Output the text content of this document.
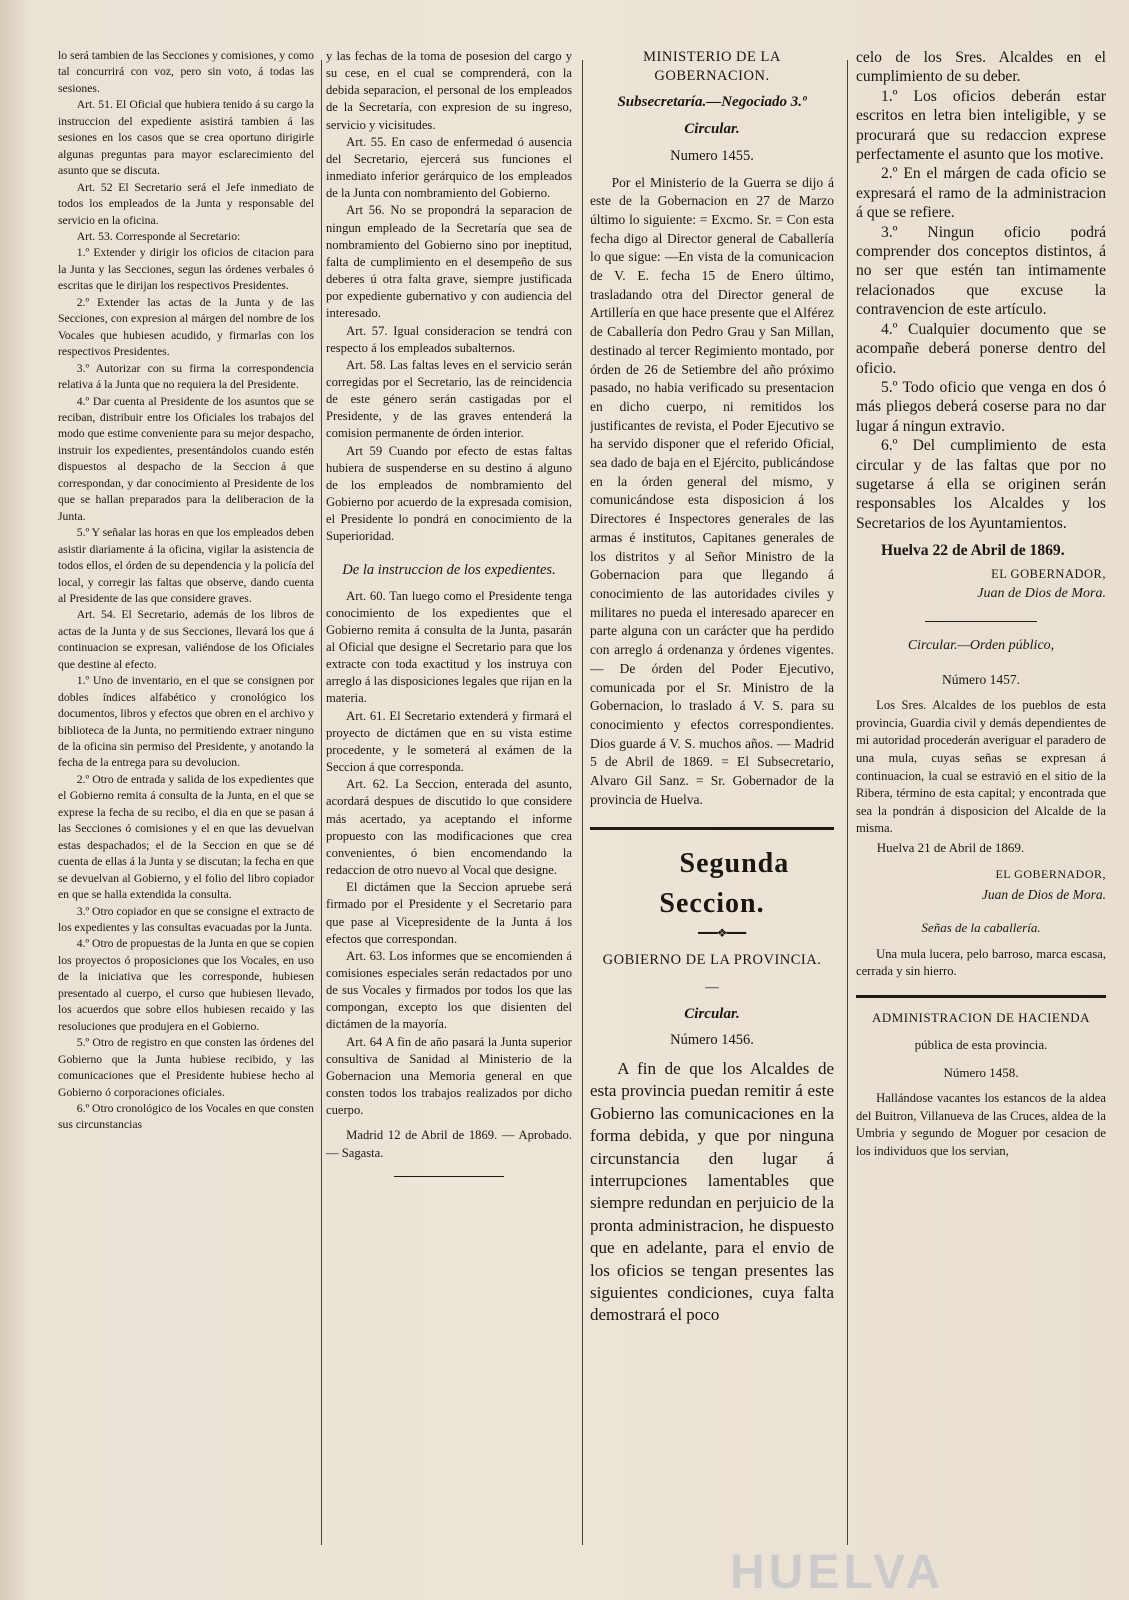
lo será tambien de las Secciones y comisiones, y como tal concurrirá con voz, pero sin voto, á todas las sesiones.

Art. 51. El Oficial que hubiera tenido á su cargo la instruccion del expediente asistirá tambien á las sesiones en los casos que se crea oportuno dirigirle algunas preguntas para mayor esclarecimiento del asunto que se discuta.

Art. 52 El Secretario será el Jefe inmediato de todos los empleados de la Junta y responsable del servicio en la oficina.

Art. 53. Corresponde al Secretario:

1.º Extender y dirigir los oficios de citacion para la Junta y las Secciones, segun las órdenes verbales ó escritas que le dirijan los respectivos Presidentes.

2.º Extender las actas de la Junta y de las Secciones, con expresion al márgen del nombre de los Vocales que hubiesen acudido, y firmarlas con los respectivos Presidentes.

3.º Autorizar con su firma la correspondencia relativa á la Junta que no requiera la del Presidente.

4.º Dar cuenta al Presidente de los asuntos que se reciban, distribuir entre los Oficiales los trabajos del modo que estime conveniente para su mejor despacho, instruir los expedientes, presentándolos cuando estén dispuestos al despacho de la Seccion á que correspondan, y dar conocimiento al Presidente de los que se hallan preparados para la deliberacion de la Junta.

5.º Y señalar las horas en que los empleados deben asistir diariamente á la oficina, vigilar la asistencia de todos ellos, el órden de su dependencia y la policía del local, y corregir las faltas que observe, dando cuenta al Presidente de las que considere graves.

Art. 54. El Secretario, además de los libros de actas de la Junta y de sus Secciones, llevará los que á continuacion se expresan, valiéndose de los Oficiales que destine al efecto.

1.º Uno de inventario, en el que se consignen por dobles índices alfabético y cronológico los documentos, libros y efectos que obren en el archivo y biblioteca de la Junta, no permitiendo extraer ninguno de la oficina sin permiso del Presidente, y anotando la fecha de la entrega para su devolucion.

2.º Otro de entrada y salida de los expedientes que el Gobierno remita á consulta de la Junta, en el que se exprese la fecha de su recibo, el dia en que se pasan á las Secciones ó comisiones y el en que las devuelvan estas despachados; el de la Seccion en que se dé cuenta de ellas á la Junta y se discutan; la fecha en que se devuelvan al Gobierno, y el folio del libro copiador en que se halla extendida la consulta.

3.º Otro copiador en que se consigne el extracto de los expedientes y las consultas evacuadas por la Junta.

4.º Otro de propuestas de la Junta en que se copien los proyectos ó proposiciones que los Vocales, en uso de la iniciativa que les corresponde, hubiesen presentado al cuerpo, el curso que hubiesen llevado, los acuerdos que sobre ellos hubiesen recaido y las resoluciones que produjera en el Gobierno.

5.º Otro de registro en que consten las órdenes del Gobierno que la Junta hubiese recibido, y las comunicaciones que el Presidente hubiese hecho al Gobierno ó corporaciones oficiales.

6.º Otro cronológico de los Vocales en que consten sus circunstancias

y las fechas de la toma de posesion del cargo y su cese, en el cual se comprenderá, con la debida separacion, el personal de los empleados de la Secretaría, con expresion de su ingreso, servicio y vicisitudes.

Art. 55. En caso de enfermedad ó ausencia del Secretario, ejercerá sus funciones el inmediato inferior gerárquico de los empleados de la Junta con nombramiento del Gobierno.

Art 56. No se propondrá la separacion de ningun empleado de la Secretaría que sea de nombramiento del Gobierno sino por ineptitud, falta de cumplimiento en el desempeño de sus deberes ú otra falta grave, siempre justificada por expediente gubernativo y con audiencia del interesado.

Art. 57. Igual consideracion se tendrá con respecto á los empleados subalternos.

Art. 58. Las faltas leves en el servicio serán corregidas por el Secretario, las de reincidencia de este género serán castigadas por el Presidente, y de las graves entenderá la comision permanente de órden interior.

Art 59 Cuando por efecto de estas faltas hubiera de suspenderse en su destino á alguno de los empleados de nombramiento del Gobierno por acuerdo de la expresada comision, el Presidente lo pondrá en conocimiento de la Superioridad.

De la instruccion de los expedientes.

Art. 60. Tan luego como el Presidente tenga conocimiento de los expedientes que el Gobierno remita á consulta de la Junta, pasarán al Oficial que designe el Secretario para que los extracte con toda exactitud y los instruya con arreglo á las disposiciones legales que rijan en la materia.

Art. 61. El Secretario extenderá y firmará el proyecto de dictámen que en su vista estime procedente, y le someterá al exámen de la Seccion á que corresponda.

Art. 62. La Seccion, enterada del asunto, acordará despues de discutido lo que considere más acertado, ya aceptando el informe propuesto con las modificaciones que crea convenientes, ó bien encomendando la redaccion de otro nuevo al Vocal que designe.

El dictámen que la Seccion apruebe será firmado por el Presidente y el Secretario para que pase al Vicepresidente de la Junta á los efectos que correspondan.

Art. 63. Los informes que se encomienden á comisiones especiales serán redactados por uno de sus Vocales y firmados por todos los que las compongan, excepto los que disienten del dictámen de la mayoría.

Art. 64 A fin de año pasará la Junta superior consultiva de Sanidad al Ministerio de la Gobernacion una Memoria general en que consten todos los trabajos realizados por dicho cuerpo.

Madrid 12 de Abril de 1869. — Aprobado. — Sagasta.

MINISTERIO DE LA GOBERNACION.

Subsecretaría.—Negociado 3.º

Circular.

Numero 1455.

Por el Ministerio de la Guerra se dijo á este de la Gobernacion en 27 de Marzo último lo siguiente: = Excmo. Sr. = Con esta fecha digo al Director general de Caballería lo que sigue: —En vista de la comunicacion de V. E. fecha 15 de Enero último, trasladando otra del Director general de Artillería en que hace presente que el Alférez de Caballería don Pedro Grau y San Millan, destinado al tercer Regimiento montado, por órden de 26 de Setiembre del año próximo pasado, no habia verificado su presentacion en dicho cuerpo, ni remitidos los justificantes de revista, el Poder Ejecutivo se ha servido disponer que el referido Oficial, sea dado de baja en el Ejército, publicándose en la órden general del mismo, y comunicándose esta disposicion á los Directores é Inspectores generales de las armas é institutos, Capitanes generales de los distritos y al Señor Ministro de la Gobernacion para que llegando á conocimiento de las autoridades civiles y militares no pueda el interesado aparecer en parte alguna con un carácter que ha perdido con arreglo á ordenanza y órdenes vigentes. — De órden del Poder Ejecutivo, comunicada por el Sr. Ministro de la Gobernacion, lo traslado á V. S. para su conocimiento y efectos correspondientes. Dios guarde á V. S. muchos años. — Madrid 5 de Abril de 1869. = El Subsecretario, Alvaro Gil Sanz. = Sr. Gobernador de la provincia de Huelva.

Segunda Seccion.

━━━❖━━━

GOBIERNO DE LA PROVINCIA.

—

Circular.

Número 1456.

A fin de que los Alcaldes de esta provincia puedan remitir á este Gobierno las comunicaciones en la forma debida, y que por ninguna circunstancia den lugar á interrupciones lamentables que siempre redundan en perjuicio de la pronta administracion, he dispuesto que en adelante, para el envio de los oficios se tengan presentes las siguientes condiciones, cuya falta demostrará el poco

celo de los Sres. Alcaldes en el cumplimiento de su deber.

1.º Los oficios deberán estar escritos en letra bien inteligible, y se procurará que su redaccion exprese perfectamente el asunto que los motive.

2.º En el márgen de cada oficio se expresará el ramo de la administracion á que se refiere.

3.º Ningun oficio podrá comprender dos conceptos distintos, á no ser que estén tan intimamente relacionados que excuse la contravencion de este artículo.

4.º Cualquier documento que se acompañe deberá ponerse dentro del oficio.

5.º Todo oficio que venga en dos ó más pliegos deberá coserse para no dar lugar á ningun extravio.

6.º Del cumplimiento de esta circular y de las faltas que por no sugetarse á ella se originen serán responsables los Alcaldes y los Secretarios de los Ayuntamientos.

Huelva 22 de Abril de 1869.

EL GOBERNADOR,

Juan de Dios de Mora.

Circular.—Orden público,

Número 1457.

Los Sres. Alcaldes de los pueblos de esta provincia, Guardia civil y demás dependientes de mi autoridad procederán averiguar el paradero de una mula, cuyas señas se expresan á continuacion, la cual se estravió en el sitio de la Ribera, término de esta capital; y encontrada que sea la pondrán á disposicion del Alcalde de la misma.

Huelva 21 de Abril de 1869.

EL GOBERNADOR,

Juan de Dios de Mora.

Señas de la caballería.

Una mula lucera, pelo barroso, marca escasa, cerrada y sin hierro.

ADMINISTRACION DE HACIENDA

pública de esta provincia.

Número 1458.

Hallándose vacantes los estancos de la aldea del Buitron, Villanueva de las Cruces, aldea de la Umbria y segundo de Moguer por cesacion de los individuos que los servian,

HUELVA
